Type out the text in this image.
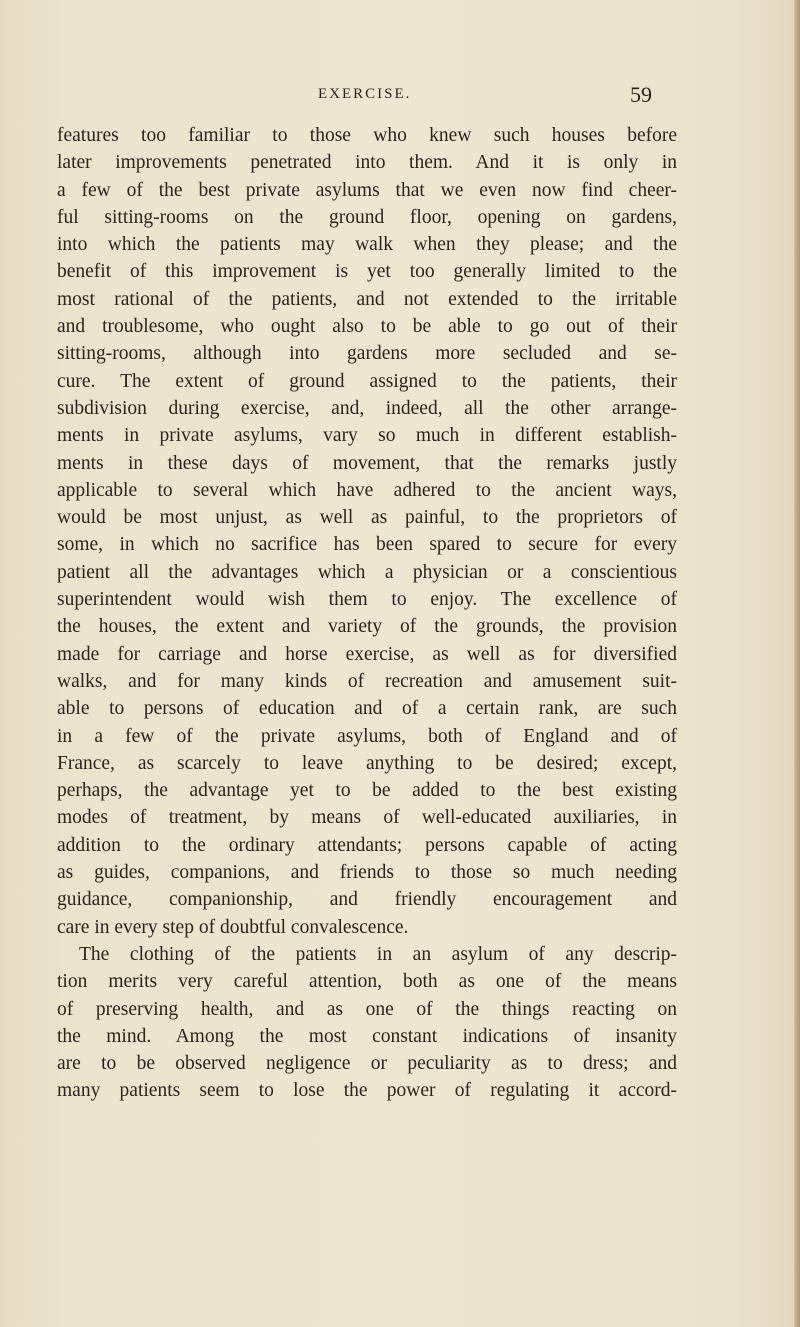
EXERCISE.	59
features too familiar to those who knew such houses before
later improvements penetrated into them. And it is only in
a few of the best private asylums that we even now find cheer-
ful sitting-rooms on the ground floor, opening on gardens,
into which the patients may walk when they please; and the
benefit of this improvement is yet too generally limited to the
most rational of the patients, and not extended to the irritable
and troublesome, who ought also to be able to go out of their
sitting-rooms, although into gardens more secluded and se-
cure. The extent of ground assigned to the patients, their
subdivision during exercise, and, indeed, all the other arrange-
ments in private asylums, vary so much in different establish-
ments in these days of movement, that the remarks justly
applicable to several which have adhered to the ancient ways,
would be most unjust, as well as painful, to the proprietors of
some, in which no sacrifice has been spared to secure for every
patient all the advantages which a physician or a conscientious
superintendent would wish them to enjoy. The excellence of
the houses, the extent and variety of the grounds, the provision
made for carriage and horse exercise, as well as for diversified
walks, and for many kinds of recreation and amusement suit-
able to persons of education and of a certain rank, are such
in a few of the private asylums, both of England and of
France, as scarcely to leave anything to be desired; except,
perhaps, the advantage yet to be added to the best existing
modes of treatment, by means of well-educated auxiliaries, in
addition to the ordinary attendants; persons capable of acting
as guides, companions, and friends to those so much needing
guidance, companionship, and friendly encouragement and
care in every step of doubtful convalescence.
The clothing of the patients in an asylum of any descrip-
tion merits very careful attention, both as one of the means
of preserving health, and as one of the things reacting on
the mind. Among the most constant indications of insanity
are to be observed negligence or peculiarity as to dress; and
many patients seem to lose the power of regulating it accord-
